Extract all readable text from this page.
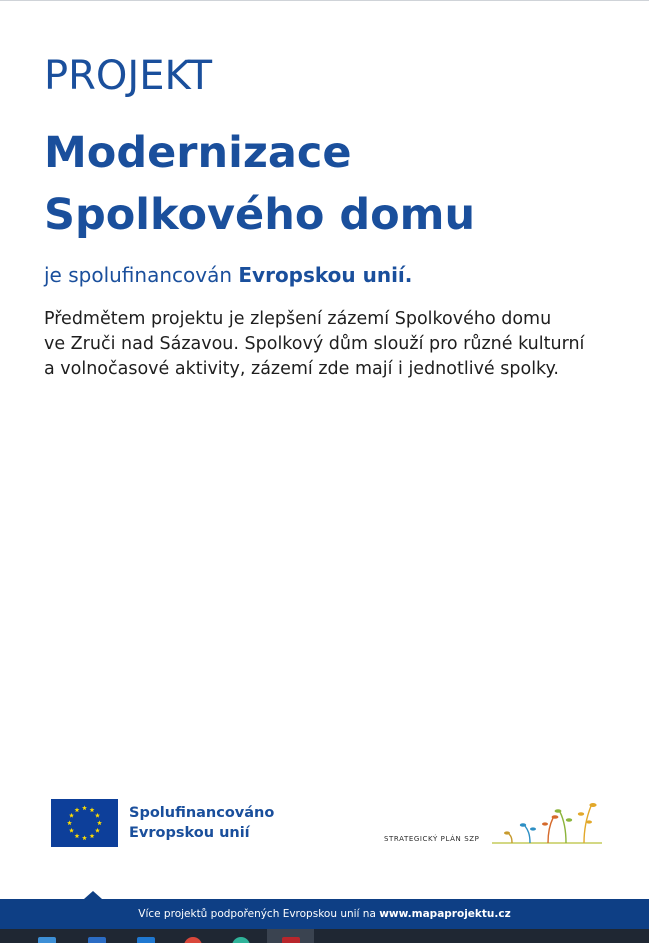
PROJEKT
Modernizace
Spolkového domu
je spolufinancován Evropskou unií.
Předmětem projektu je zlepšení zázemí Spolkového domu
ve Zruči nad Sázavou. Spolkový dům slouží pro různé kulturní
a volnočasové aktivity, zázemí zde mají i jednotlivé spolky.
Spolufinancováno
Evropskou unií	STRATEGICKÝ PLÁN SZP
Více projektů podpořených Evropskou unií na www.mapaprojektu.cz
